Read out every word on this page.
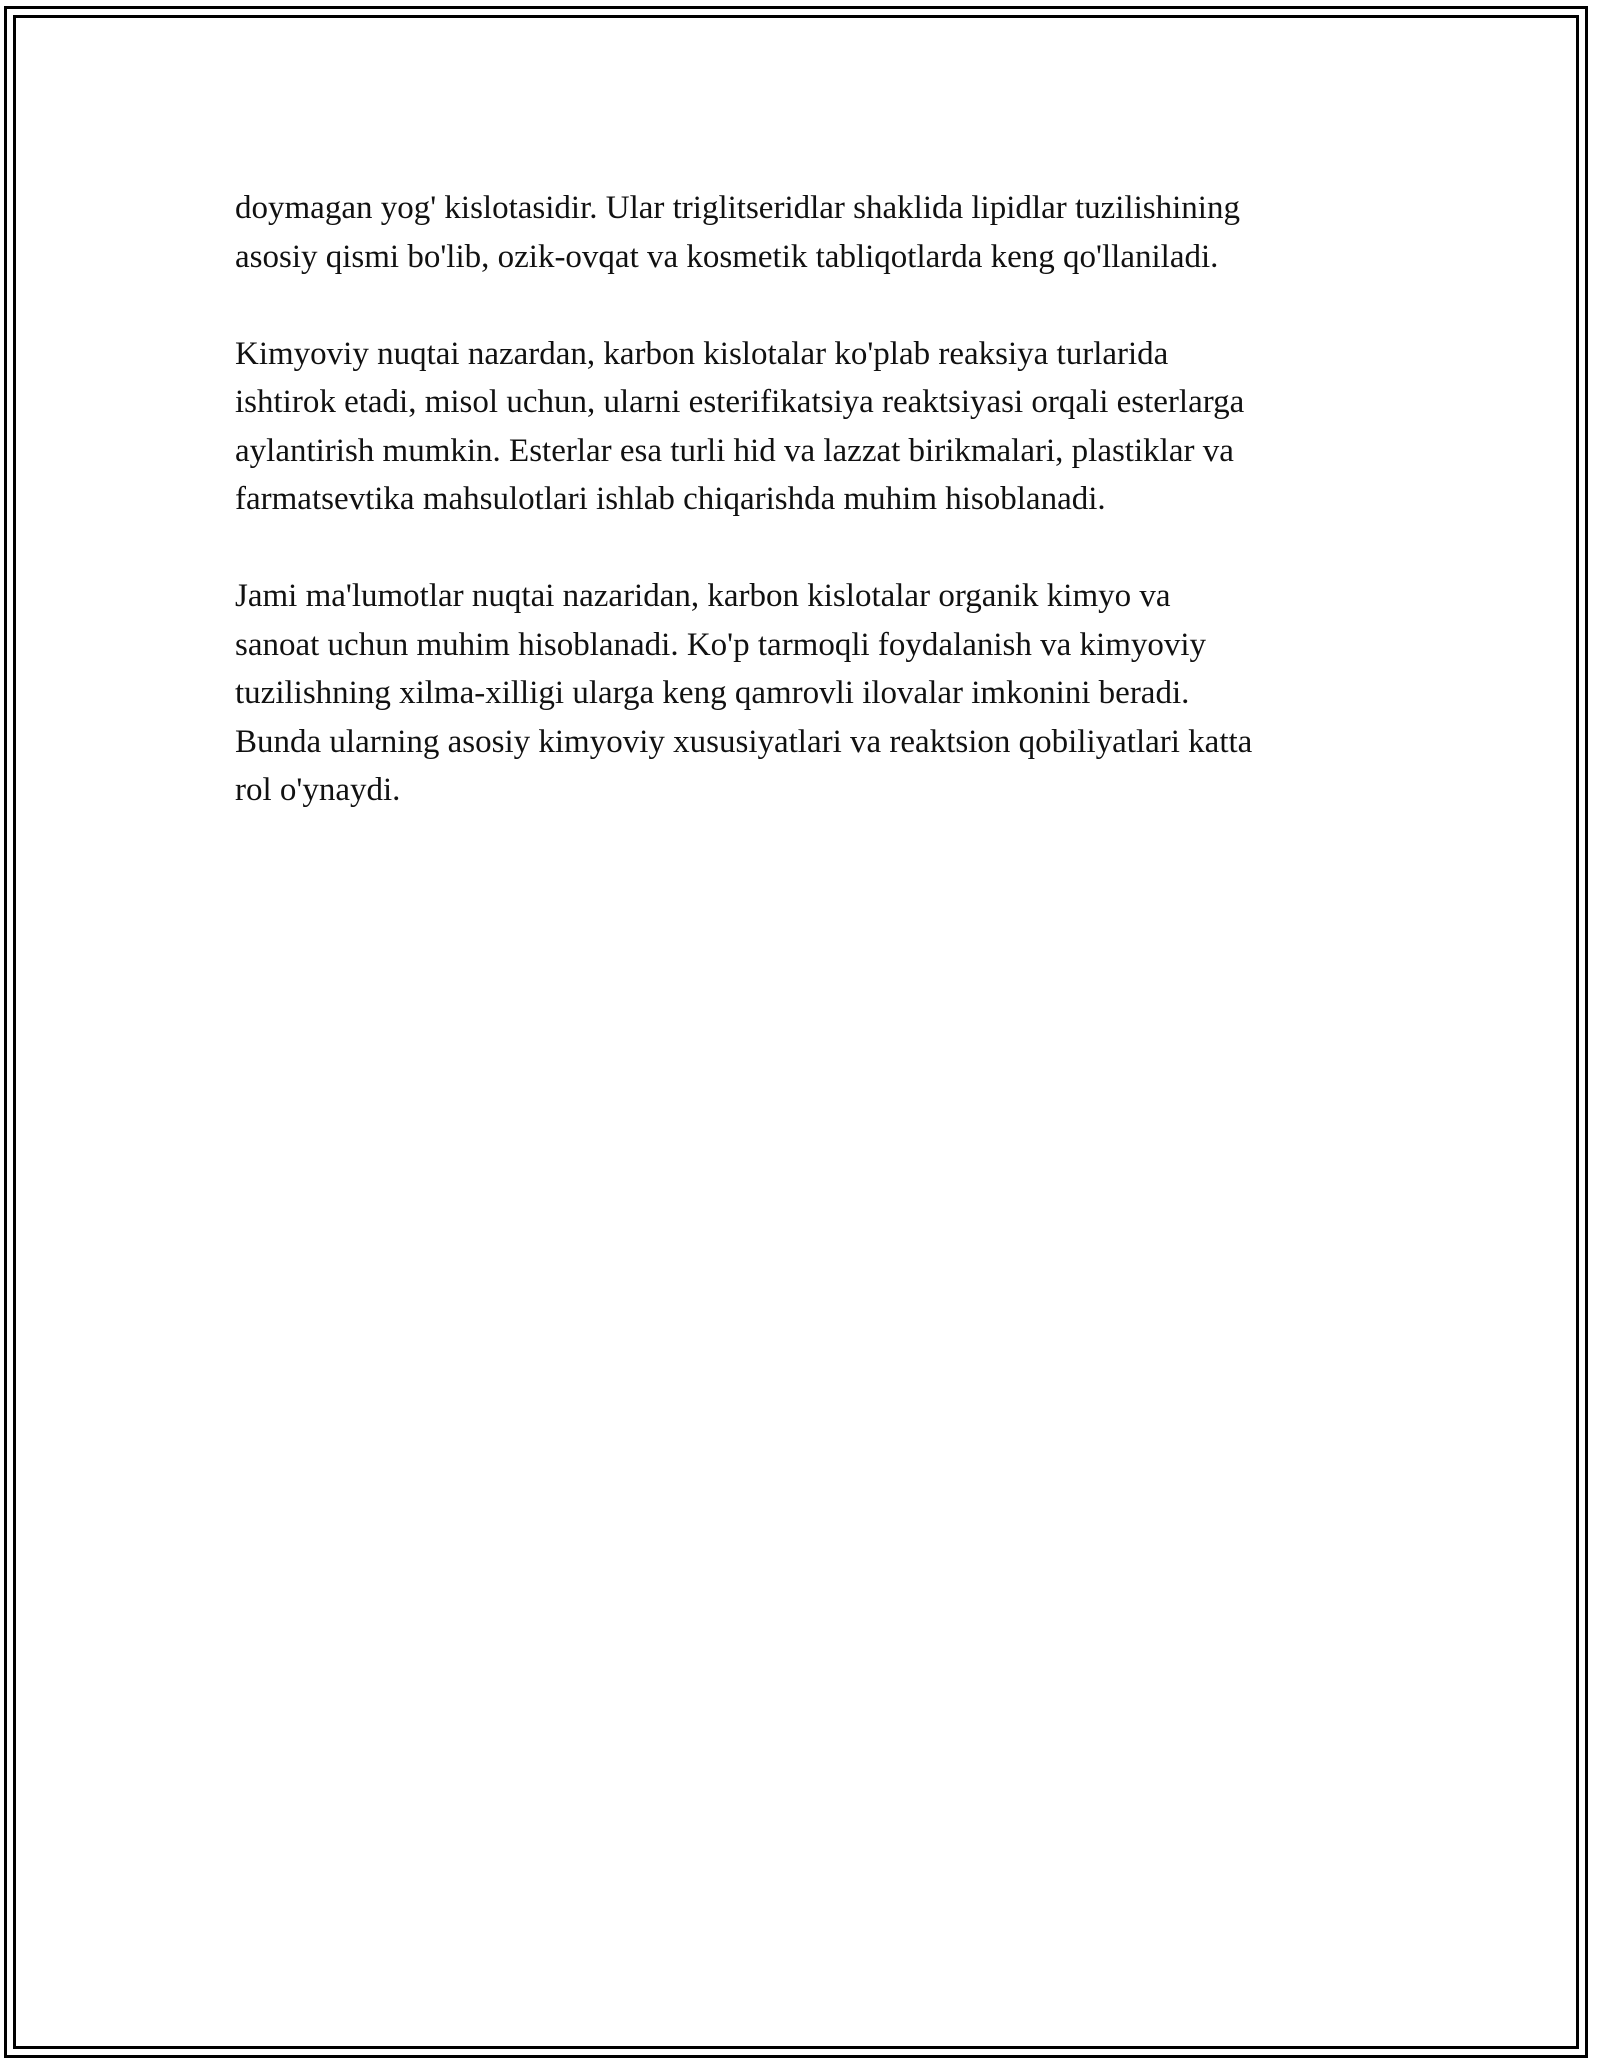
doymagan yog' kislotasidir. Ular triglitseridlar shaklida lipidlar tuzilishining
asosiy qismi bo'lib, ozik-ovqat va kosmetik tabliqotlarda keng qo'llaniladi.

Kimyoviy nuqtai nazardan, karbon kislotalar ko'plab reaksiya turlarida
ishtirok etadi, misol uchun, ularni esterifikatsiya reaktsiyasi orqali esterlarga
aylantirish mumkin. Esterlar esa turli hid va lazzat birikmalari, plastiklar va
farmatsevtika mahsulotlari ishlab chiqarishda muhim hisoblanadi.

Jami ma'lumotlar nuqtai nazaridan, karbon kislotalar organik kimyo va
sanoat uchun muhim hisoblanadi. Ko'p tarmoqli foydalanish va kimyoviy
tuzilishning xilma-xilligi ularga keng qamrovli ilovalar imkonini beradi.
Bunda ularning asosiy kimyoviy xususiyatlari va reaktsion qobiliyatlari katta
rol o'ynaydi.
